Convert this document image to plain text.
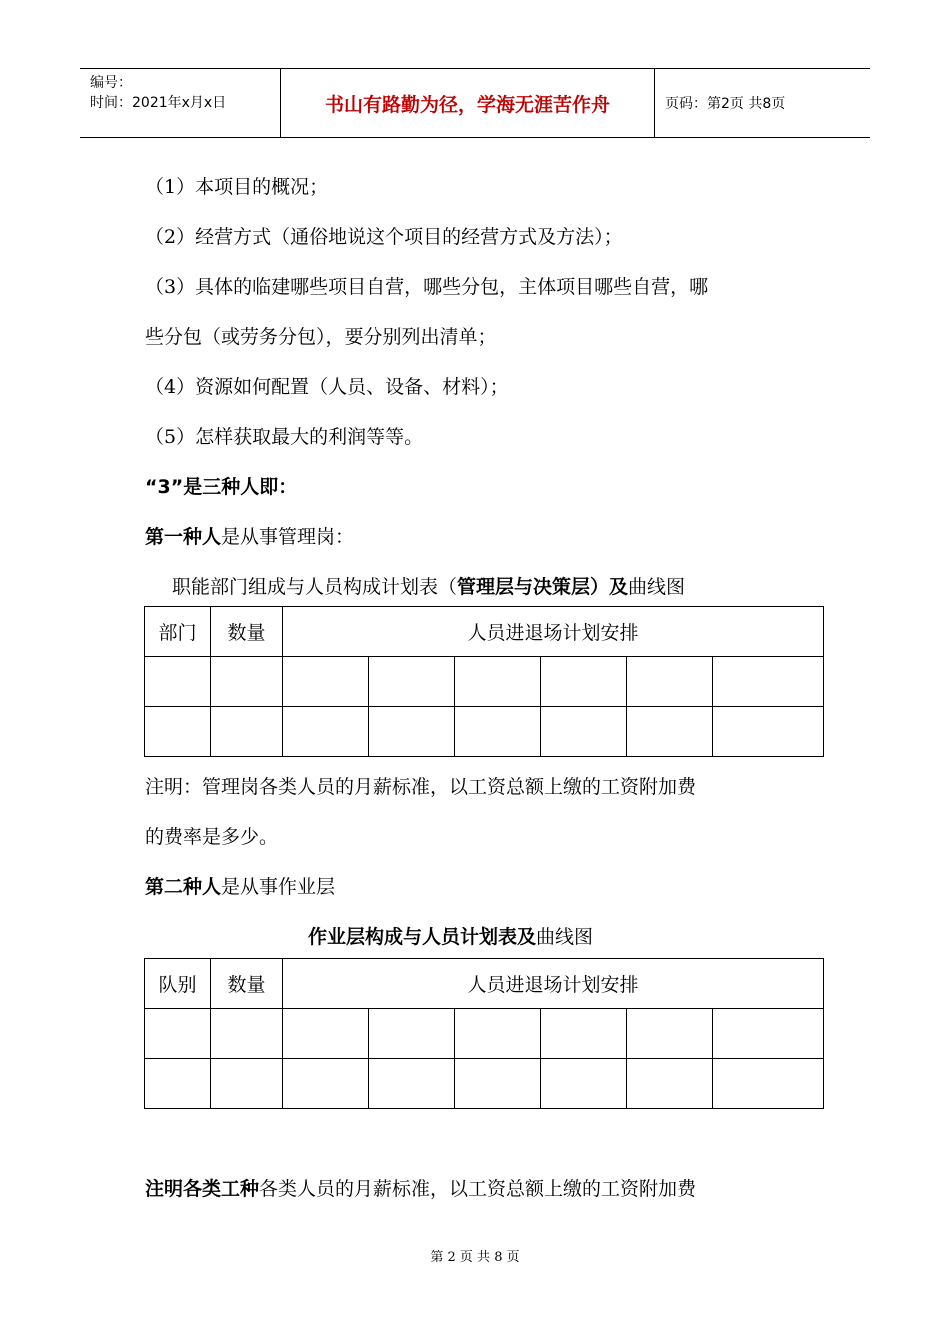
编号：
时间：2021年x月x日	书山有路勤为径，学海无涯苦作舟	页码：第2页 共8页
（1）本项目的概况；
（2）经营方式（通俗地说这个项目的经营方式及方法）；
（3）具体的临建哪些项目自营，哪些分包，主体项目哪些自营，哪
些分包（或劳务分包），要分别列出清单；
（4）资源如何配置（人员、设备、材料）；
（5）怎样获取最大的利润等等。
“3”是三种人即：
第一种人是从事管理岗：
职能部门组成与人员构成计划表（管理层与决策层）及曲线图
部门	数量	人员进退场计划安排					

注明：管理岗各类人员的月薪标准，以工资总额上缴的工资附加费
的费率是多少。
第二种人是从事作业层
作业层构成与人员计划表及曲线图
队别	数量	人员进退场计划安排					

注明各类工种各类人员的月薪标准，以工资总额上缴的工资附加费
第 2 页 共 8 页
